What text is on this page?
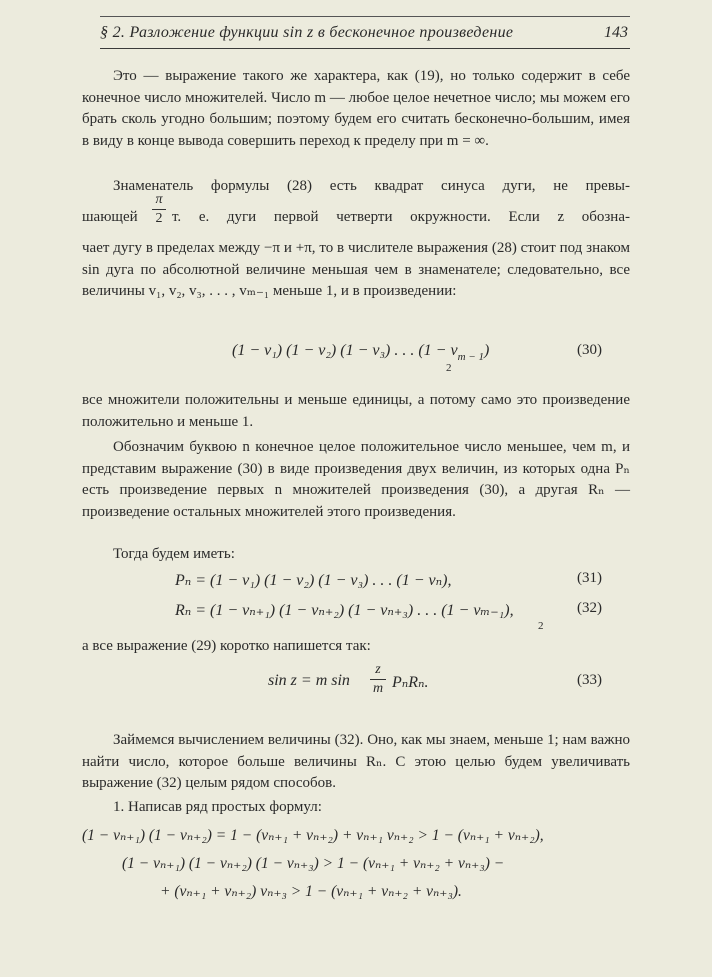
§ 2. Разложение функции sin z в бесконечное произведение	143
Это — выражение такого же характера, как (19), но только содержит в себе конечное число множителей. Число m — любое целое нечетное число; мы можем его брать сколь угодно большим; поэтому будем его считать бесконечно-большим, имея в виду в конце вывода совершить переход к пределу при m = ∞.
Знаменатель формулы (28) есть квадрат синуса дуги, не превы-
шающей
π
2 т. е. дуги первой четверти окружности. Если z обозна-
чает дугу в пределах между −π и +π, то в числителе выражения (28) стоит под знаком sin дуга по абсолютной величине меньшая чем в знаменателе; следовательно, все величины v₁, v₂, v₃, . . . , vₘ₋₁ меньше 1, и в произведении:
(1 − v₁) (1 − v₂) (1 − v₃) . . . $(1 - v_{m - 1})$
2
(30)
все множители положительны и меньше единицы, а потому само это произведение положительно и меньше 1.
Обозначим буквою n конечное целое положительное число меньшее, чем m, и представим выражение (30) в виде произведения двух величин, из которых одна Pₙ есть произведение первых n множителей произведения (30), а другая Rₙ — произведение остальных множителей этого произведения.
Тогда будем иметь:
Pₙ = (1 − v₁) (1 − v₂) (1 − v₃) . . . (1 − vₙ),	(31)
Rₙ = (1 − vₙ₊₁) (1 − vₙ₊₂) (1 − vₙ₊₃) . . . (1 − vₘ₋₁),
2
(32)
а все выражение (29) коротко напишется так:
sin z = m sin
z
m PₙRₙ.	(33)
Займемся вычислением величины (32). Оно, как мы знаем, меньше 1; нам важно найти число, которое больше величины Rₙ. С этою целью будем увеличивать выражение (32) целым рядом способов.
1. Написав ряд простых формул:
(1 − vₙ₊₁) (1 − vₙ₊₂) = 1 − (vₙ₊₁ + vₙ₊₂) + vₙ₊₁ vₙ₊₂ > 1 − (vₙ₊₁ + vₙ₊₂),
(1 − vₙ₊₁) (1 − vₙ₊₂) (1 − vₙ₊₃) > 1 − (vₙ₊₁ + vₙ₊₂ + vₙ₊₃) −
+ (vₙ₊₁ + vₙ₊₂) vₙ₊₃ > 1 − (vₙ₊₁ + vₙ₊₂ + vₙ₊₃).
